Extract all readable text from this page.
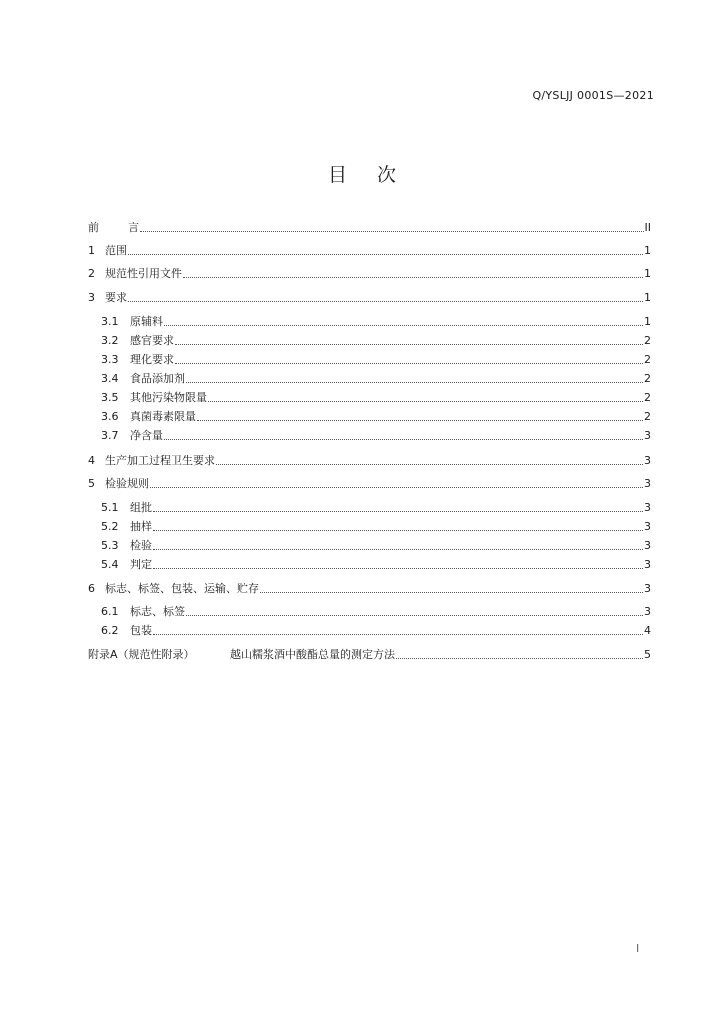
Q/YSLJJ 0001S—2021
目次
前	言	II
1 范围	1
2 规范性引用文件	1
3 要求	1
3.1	原辅料	1
3.2	感官要求	2
3.3	理化要求	2
3.4	食品添加剂	2
3.5	其他污染物限量	2
3.6	真菌毒素限量	2
3.7	净含量	3
4 生产加工过程卫生要求	3
5 检验规则	3
5.1	组批	3
5.2	抽样	3
5.3	检验	3
5.4	判定	3
6 标志、标签、包装、运输、贮存	3
6.1	标志、标签	3
6.2	包装	4
附录A（规范性附录）	越山糯浆酒中酸酯总量的测定方法	5
I
